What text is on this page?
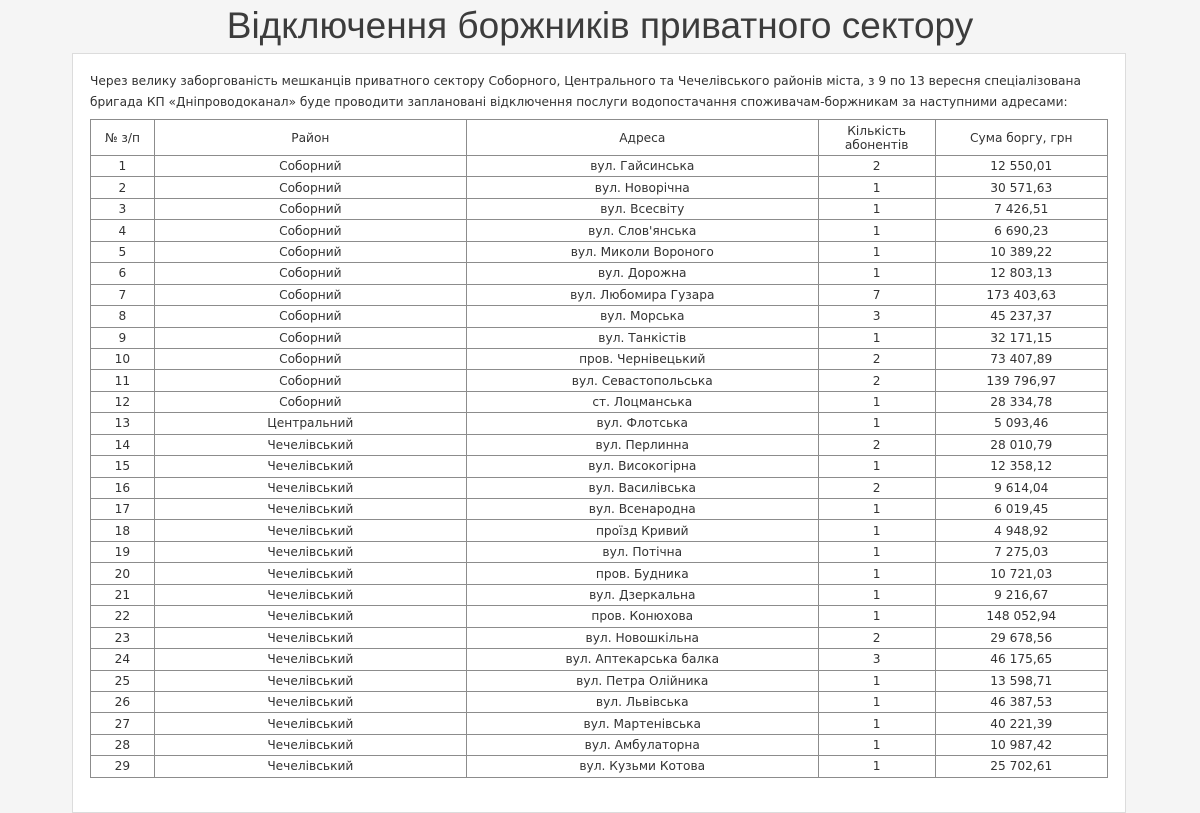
Відключення боржників приватного сектору

Через велику заборгованість мешканців приватного сектору Соборного, Центрального та Чечелівського районів міста, з 9 по 13 вересня спеціалізована бригада КП «Дніпроводоканал» буде проводити заплановані відключення послуги водопостачання споживачам-боржникам за наступними адресами:

№ з/п	Район	Адреса	Кількість абонентів	Сума боргу, грн
1	Соборний	вул. Гайсинська	2	12 550,01
2	Соборний	вул. Новорічна	1	30 571,63
3	Соборний	вул. Всесвіту	1	7 426,51
4	Соборний	вул. Слов'янська	1	6 690,23
5	Соборний	вул. Миколи Вороного	1	10 389,22
6	Соборний	вул. Дорожна	1	12 803,13
7	Соборний	вул. Любомира Гузара	7	173 403,63
8	Соборний	вул. Морська	3	45 237,37
9	Соборний	вул. Танкістів	1	32 171,15
10	Соборний	пров. Чернівецький	2	73 407,89
11	Соборний	вул. Севастопольська	2	139 796,97
12	Соборний	ст. Лоцманська	1	28 334,78
13	Центральний	вул. Флотська	1	5 093,46
14	Чечелівський	вул. Перлинна	2	28 010,79
15	Чечелівський	вул. Високогірна	1	12 358,12
16	Чечелівський	вул. Василівська	2	9 614,04
17	Чечелівський	вул. Всенародна	1	6 019,45
18	Чечелівський	проїзд Кривий	1	4 948,92
19	Чечелівський	вул. Потічна	1	7 275,03
20	Чечелівський	пров. Будника	1	10 721,03
21	Чечелівський	вул. Дзеркальна	1	9 216,67
22	Чечелівський	пров. Конюхова	1	148 052,94
23	Чечелівський	вул. Новошкільна	2	29 678,56
24	Чечелівський	вул. Аптекарська балка	3	46 175,65
25	Чечелівський	вул. Петра Олійника	1	13 598,71
26	Чечелівський	вул. Львівська	1	46 387,53
27	Чечелівський	вул. Мартенівська	1	40 221,39
28	Чечелівський	вул. Амбулаторна	1	10 987,42
29	Чечелівський	вул. Кузьми Котова	1	25 702,61
